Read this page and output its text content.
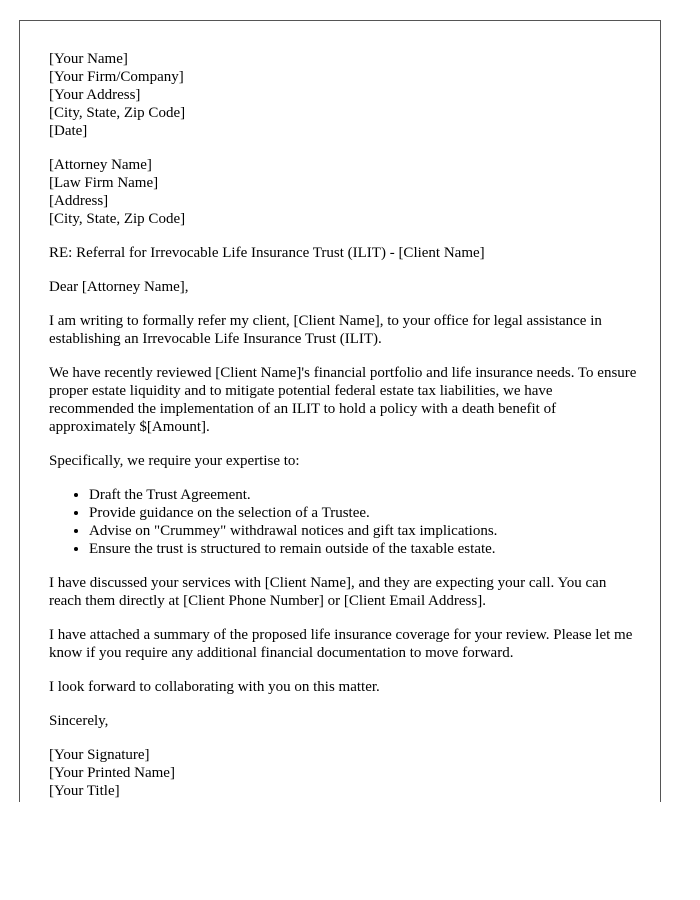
[Your Name]
[Your Firm/Company]
[Your Address]
[City, State, Zip Code]
[Date]
[Attorney Name]
[Law Firm Name]
[Address]
[City, State, Zip Code]

RE: Referral for Irrevocable Life Insurance Trust (ILIT) - [Client Name]

Dear [Attorney Name],

I am writing to formally refer my client, [Client Name], to your office for legal assistance in establishing an Irrevocable Life Insurance Trust (ILIT).

We have recently reviewed [Client Name]'s financial portfolio and life insurance needs. To ensure proper estate liquidity and to mitigate potential federal estate tax liabilities, we have recommended the implementation of an ILIT to hold a policy with a death benefit of approximately $[Amount].

Specifically, we require your expertise to:

• Draft the Trust Agreement.
• Provide guidance on the selection of a Trustee.
• Advise on "Crummey" withdrawal notices and gift tax implications.
• Ensure the trust is structured to remain outside of the taxable estate.

I have discussed your services with [Client Name], and they are expecting your call. You can reach them directly at [Client Phone Number] or [Client Email Address].

I have attached a summary of the proposed life insurance coverage for your review. Please let me know if you require any additional financial documentation to move forward.

I look forward to collaborating with you on this matter.

Sincerely,

[Your Signature]
[Your Printed Name]
[Your Title]
